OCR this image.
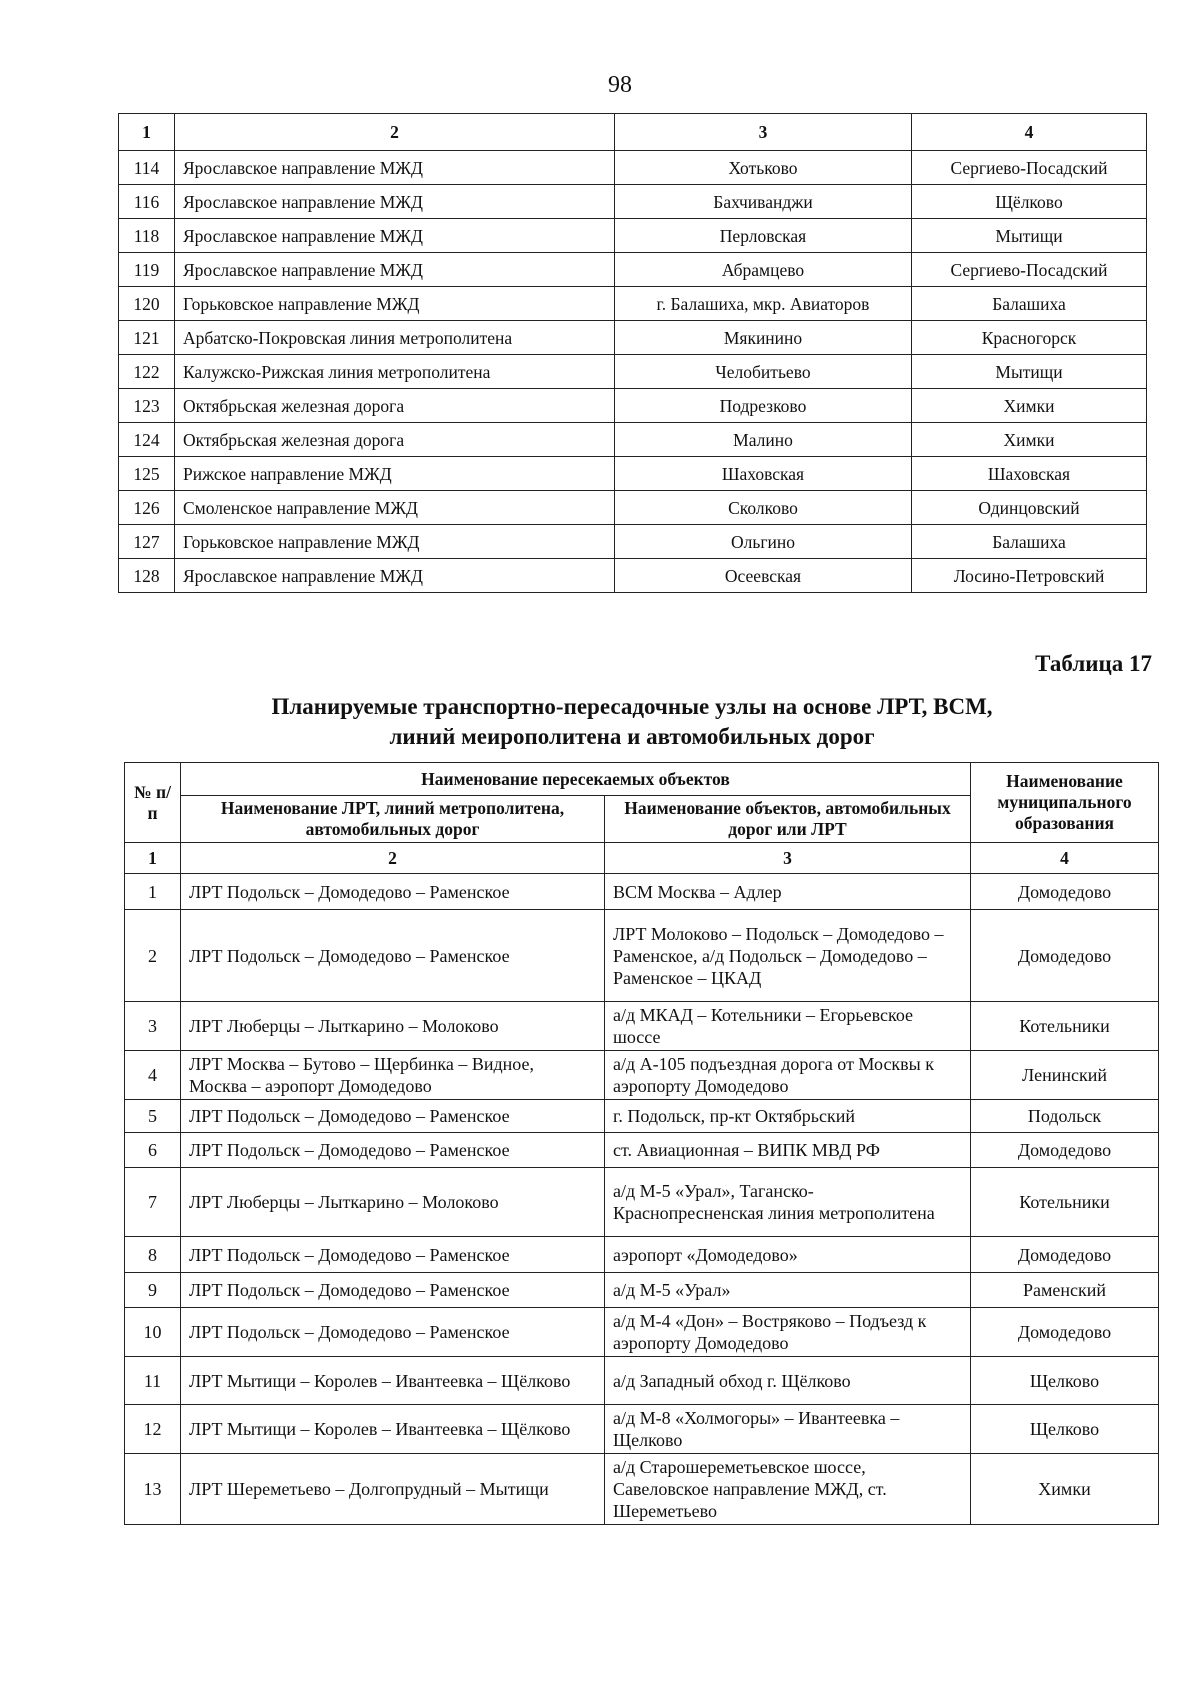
98
1	2	3	4
114	Ярославское направление МЖД	Хотьково	Сергиево-Посадский
116	Ярославское направление МЖД	Бахчиванджи	Щёлково
118	Ярославское направление МЖД	Перловская	Мытищи
119	Ярославское направление МЖД	Абрамцево	Сергиево-Посадский
120	Горьковское направление МЖД	г. Балашиха, мкр. Авиаторов	Балашиха
121	Арбатско-Покровская линия метрополитена	Мякинино	Красногорск
122	Калужско-Рижская линия метрополитена	Челобитьево	Мытищи
123	Октябрьская железная дорога	Подрезково	Химки
124	Октябрьская железная дорога	Малино	Химки
125	Рижское направление МЖД	Шаховская	Шаховская
126	Смоленское направление МЖД	Сколково	Одинцовский
127	Горьковское направление МЖД	Ольгино	Балашиха
128	Ярославское направление МЖД	Осеевская	Лосино-Петровский
Таблица 17
Планируемые транспортно-пересадочные узлы на основе ЛРТ, ВСМ,
линий меирополитена и автомобильных дорог
№ п/п	Наименование пересекаемых объектов		Наименование муниципального образования
	Наименование ЛРТ, линий метрополитена, автомобильных дорог	Наименование объектов, автомобильных дорог или ЛРТ	
1	2	3	4
1	ЛРТ Подольск – Домодедово – Раменское	ВСМ Москва – Адлер	Домодедово
2	ЛРТ Подольск – Домодедово – Раменское	ЛРТ Молоково – Подольск – Домодедово – Раменское, а/д Подольск – Домодедово – Раменское – ЦКАД	Домодедово
3	ЛРТ Люберцы – Лыткарино – Молоково	а/д МКАД – Котельники – Егорьевское шоссе	Котельники
4	ЛРТ Москва – Бутово – Щербинка – Видное, Москва – аэропорт Домодедово	а/д А-105 подъездная дорога от Москвы к аэропорту Домодедово	Ленинский
5	ЛРТ Подольск – Домодедово – Раменское	г. Подольск, пр-кт Октябрьский	Подольск
6	ЛРТ Подольск – Домодедово – Раменское	ст. Авиационная – ВИПК МВД РФ	Домодедово
7	ЛРТ Люберцы – Лыткарино – Молоково	а/д М-5 «Урал», Таганско-Краснопресненская линия метрополитена	Котельники
8	ЛРТ Подольск – Домодедово – Раменское	аэропорт «Домодедово»	Домодедово
9	ЛРТ Подольск – Домодедово – Раменское	а/д М-5 «Урал»	Раменский
10	ЛРТ Подольск – Домодедово – Раменское	а/д М-4 «Дон» – Востряково – Подъезд к аэропорту Домодедово	Домодедово
11	ЛРТ Мытищи – Королев – Ивантеевка – Щёлково	а/д Западный обход г. Щёлково	Щелково
12	ЛРТ Мытищи – Королев – Ивантеевка – Щёлково	а/д М-8 «Холмогоры» – Ивантеевка – Щелково	Щелково
13	ЛРТ Шереметьево – Долгопрудный – Мытищи	а/д Старошереметьевское шоссе, Савеловское направление МЖД, ст. Шереметьево	Химки
